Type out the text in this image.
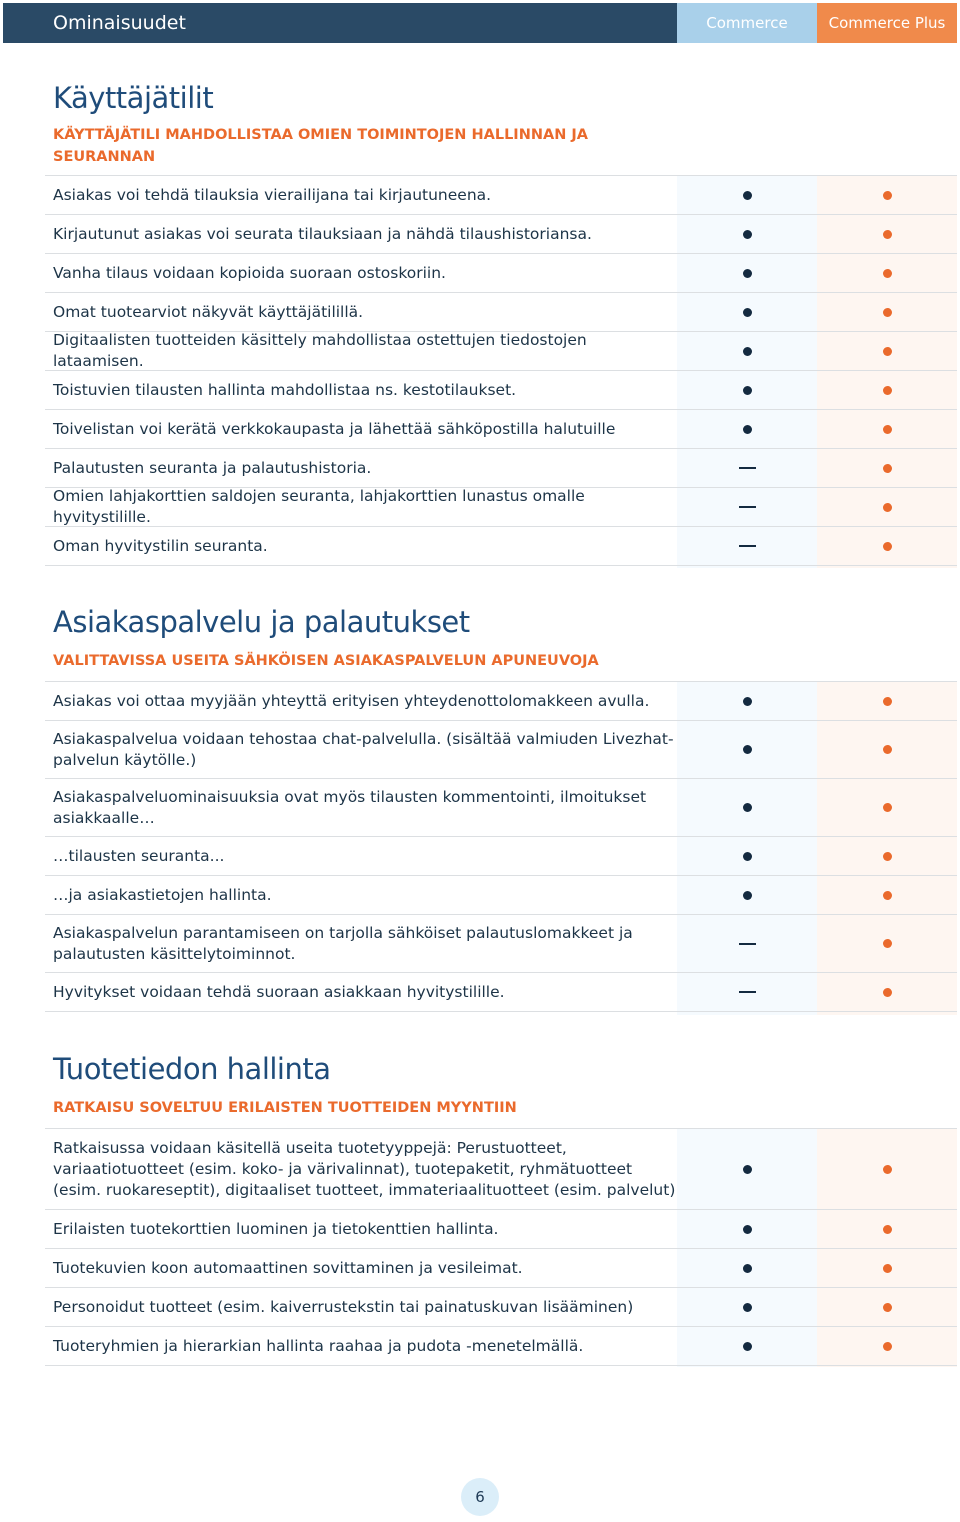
Ominaisuudet	Commerce	Commerce Plus
Käyttäjätilit
KÄYTTÄJÄTILI MAHDOLLISTAA OMIEN TOIMINTOJEN HALLINNAN JA SEURANNAN
Asiakas voi tehdä tilauksia vierailijana tai kirjautuneena.
Kirjautunut asiakas voi seurata tilauksiaan ja nähdä tilaushistoriansa.
Vanha tilaus voidaan kopioida suoraan ostoskoriin.
Omat tuotearviot näkyvät käyttäjätilillä.
Digitaalisten tuotteiden käsittely mahdollistaa ostettujen tiedostojen lataamisen.
Toistuvien tilausten hallinta mahdollistaa ns. kestotilaukset.
Toivelistan voi kerätä verkkokaupasta ja lähettää sähköpostilla halutuille
Palautusten seuranta ja palautushistoria.
Omien lahjakorttien saldojen seuranta, lahjakorttien lunastus omalle hyvitystilille.
Oman hyvitystilin seuranta.
Asiakaspalvelu ja palautukset
VALITTAVISSA USEITA SÄHKÖISEN ASIAKASPALVELUN APUNEUVOJA
Asiakas voi ottaa myyjään yhteyttä erityisen yhteydenottolomakkeen avulla.
Asiakaspalvelua voidaan tehostaa chat-palvelulla. (sisältää valmiuden Livezhat-palvelun käytölle.)
Asiakaspalveluominaisuuksia ovat myös tilausten kommentointi, ilmoitukset asiakkaalle…
…tilausten seuranta...
…ja asiakastietojen hallinta.
Asiakaspalvelun parantamiseen on tarjolla sähköiset palautuslomakkeet ja palautusten käsittelytoiminnot.
Hyvitykset voidaan tehdä suoraan asiakkaan hyvitystilille.
Tuotetiedon hallinta
RATKAISU SOVELTUU ERILAISTEN TUOTTEIDEN MYYNTIIN
Ratkaisussa voidaan käsitellä useita tuotetyyppejä: Perustuotteet, variaatiotuotteet (esim. koko- ja värivalinnat), tuotepaketit, ryhmätuotteet (esim. ruokareseptit), digitaaliset tuotteet, immateriaalituotteet (esim. palvelut)
Erilaisten tuotekorttien luominen ja tietokenttien hallinta.
Tuotekuvien koon automaattinen sovittaminen ja vesileimat.
Personoidut tuotteet (esim. kaiverrustekstin tai painatuskuvan lisääminen)
Tuoteryhmien ja hierarkian hallinta raahaa ja pudota -menetelmällä.
6
